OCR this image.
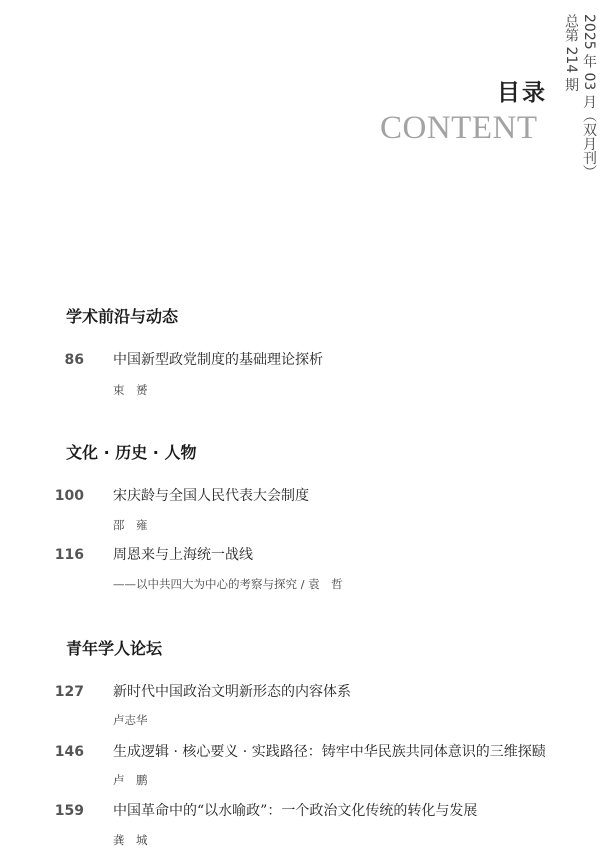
2025 年 03 月（双月刊）
总第 214 期
目录
CONTENT
学术前沿与动态
86 中国新型政党制度的基础理论探析
束　赟
文化 · 历史 · 人物
100 宋庆龄与全国人民代表大会制度
邵　雍
116 周恩来与上海统一战线
——以中共四大为中心的考察与探究 / 袁　哲
青年学人论坛
127 新时代中国政治文明新形态的内容体系
卢志华
146 生成逻辑 · 核心要义 · 实践路径：铸牢中华民族共同体意识的三维探赜
卢　鹏
159 中国革命中的“以水喻政”：一个政治文化传统的转化与发展
龚　城
